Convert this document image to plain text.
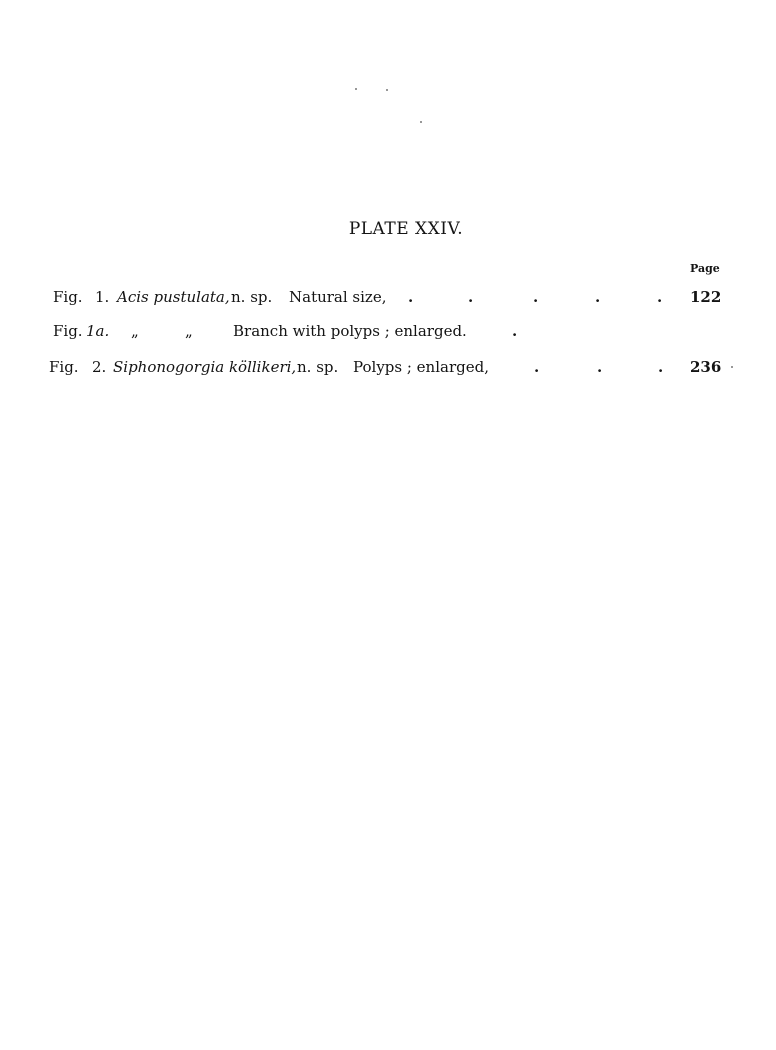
PLATE XXIV.
Page
Fig. 1. Acis pustulata, n. sp. Natural size, .	.	.	.	. 122
Fig. 1a. „	„	Branch with polyps ; enlarged.	.
Fig. 2. Siphonogorgia köllikeri, n. sp. Polyps ; enlarged,	.	.	. 236
